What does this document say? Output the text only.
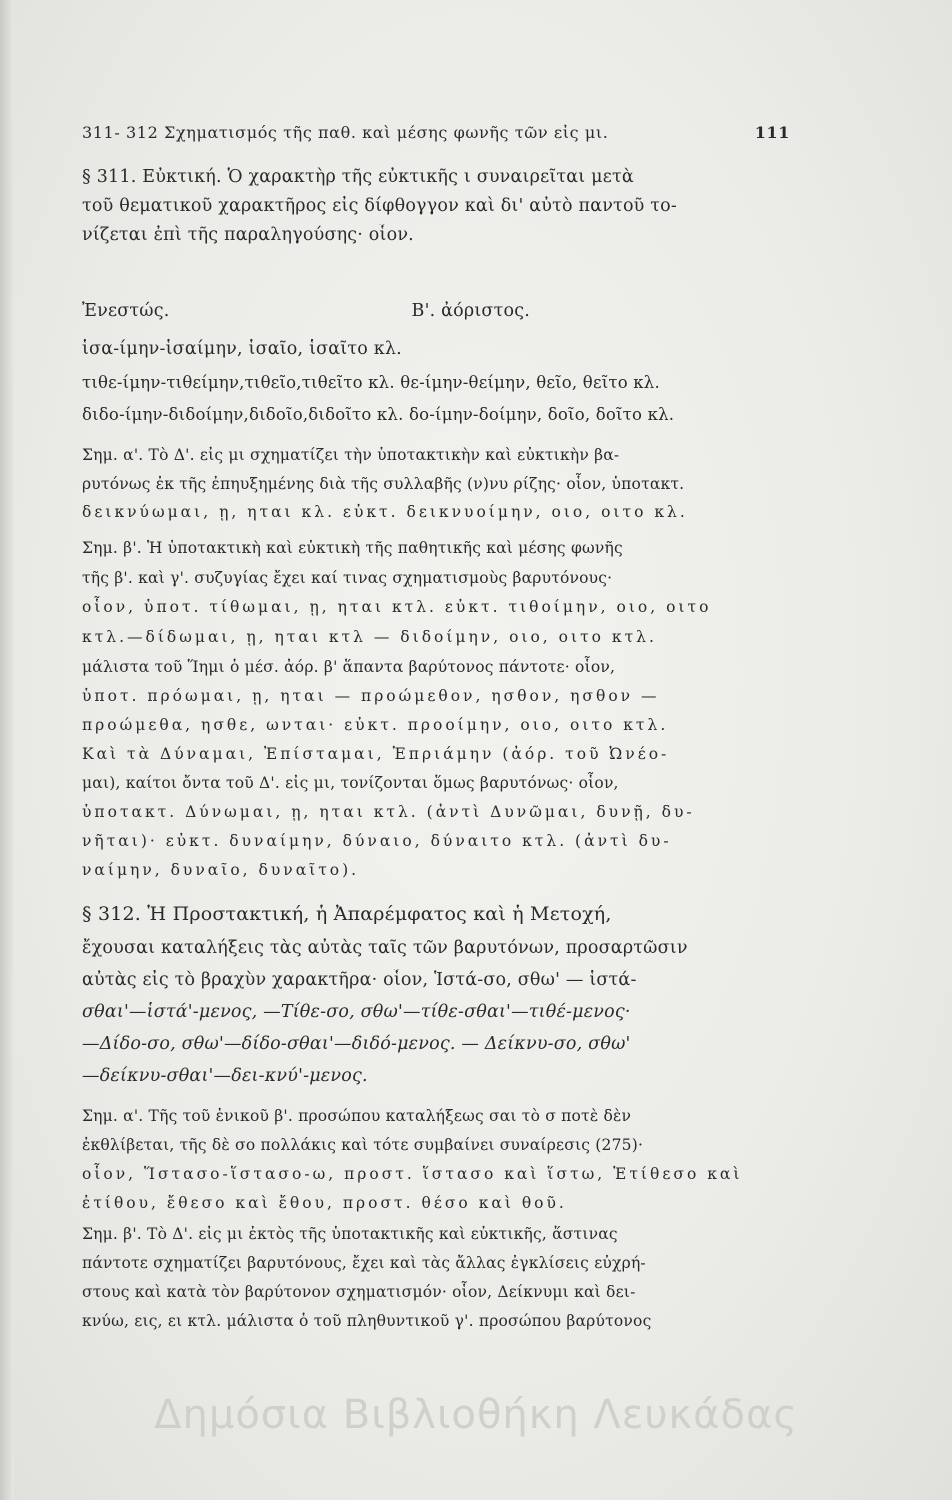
311- 312 Σχηματισμός τῆς παθ. καὶ μέσης φωνῆς τῶν εἰς μι.	111
§ 311. Εὐκτική. Ὁ χαρακτὴρ τῆς εὐκτικῆς ι συναιρεῖται μετὰ
τοῦ θεματικοῦ χαρακτῆρος εἰς δίφθογγον καὶ δι' αὐτὸ παντοῦ το-
νίζεται ἐπὶ τῆς παραληγούσης· οἷον.
Ἐνεστώς.                                          Β'. ἀόριστος.
ἱσα-ίμην-ἱσαίμην, ἱσαῖο, ἱσαῖτο κλ.
τιθε-ίμην-τιθείμην,τιθεῖο,τιθεῖτο κλ. θε-ίμην-θείμην, θεῖο, θεῖτο κλ.
διδο-ίμην-διδοίμην,διδοῖο,διδοῖτο κλ. δο-ίμην-δοίμην, δοῖο, δοῖτο κλ.
Σημ. α'. Τὸ Δ'. εἰς μι σχηματίζει τὴν ὑποτακτικὴν καὶ εὐκτικὴν βα-
ρυτόνως ἐκ τῆς ἐπηυξημένης διὰ τῆς συλλαβῆς (ν)νυ ρίζης· οἷον, ὑποτακτ.
δεικνύωμαι, ῃ, ηται κλ. εὐκτ. δεικνυοίμην, οιο, οιτο κλ.
Σημ. β'. Ἡ ὑποτακτικὴ καὶ εὐκτικὴ τῆς παθητικῆς καὶ μέσης φωνῆς
τῆς β'. καὶ γ'. συζυγίας ἔχει καί τινας σχηματισμοὺς βαρυτόνους·
οἷον, ὑποτ. τίθωμαι, ῃ, ηται κτλ. εὐκτ. τιθοίμην, οιο, οιτο
κτλ.—δίδωμαι, ῃ, ηται κτλ — διδοίμην, οιο, οιτο κτλ.
μάλιστα τοῦ Ἵημι ὁ μέσ. ἀόρ. β' ἅπαντα βαρύτονος πάντοτε· οἷον,
ὑποτ. πρόωμαι, ῃ, ηται — προώμεθον, ησθον, ησθον —
προώμεθα, ησθε, ωνται· εὐκτ. προοίμην, οιο, οιτο κτλ.
Καὶ τὰ Δύναμαι, Ἐπίσταμαι, Ἐπριάμην (ἀόρ. τοῦ Ὠνέο-
μαι), καίτοι ὄντα τοῦ Δ'. εἰς μι, τονίζονται ὅμως βαρυτόνως· οἷον,
ὑποτακτ. Δύνωμαι, ῃ, ηται κτλ. (ἀντὶ Δυνῶμαι, δυνῇ, δυ-
νῆται)· εὐκτ. δυναίμην, δύναιο, δύναιτο κτλ. (ἀντὶ δυ-
ναίμην, δυναῖο, δυναῖτο).
§ 312. Ἡ Προστακτική, ἡ Ἀπαρέμφατος καὶ ἡ Μετοχή,
ἔχουσαι καταλήξεις τὰς αὐτὰς ταῖς τῶν βαρυτόνων, προσαρτῶσιν
αὐτὰς εἰς τὸ βραχὺν χαρακτῆρα· οἷον, Ἱστά-σο, σθω' — ἱστά-
σθαι'—ἱστά'-μενος, —Τίθε-σο, σθω'—τίθε-σθαι'—τιθέ-μενος·
—Δίδο-σο, σθω'—δίδο-σθαι'—διδό-μενος. — Δείκνυ-σο, σθω'
—δείκνυ-σθαι'—δει-κνύ'-μενος.
Σημ. α'. Τῆς τοῦ ἑνικοῦ β'. προσώπου καταλήξεως σαι τὸ σ ποτὲ δὲν
ἐκθλίβεται, τῆς δὲ σο πολλάκις καὶ τότε συμβαίνει συναίρεσις (275)·
οἷον, Ἵστασο-ἵστασο-ω, προστ. ἵστασο καὶ ἵστω, Ἐτίθεσο καὶ
ἐτίθου, ἔθεσο καὶ ἔθου, προστ. θέσο καὶ θοῦ.
Σημ. β'. Τὸ Δ'. εἰς μι ἐκτὸς τῆς ὑποτακτικῆς καὶ εὐκτικῆς, ἅστινας
πάντοτε σχηματίζει βαρυτόνους, ἔχει καὶ τὰς ἄλλας ἐγκλίσεις εὐχρή-
στους καὶ κατὰ τὸν βαρύτονον σχηματισμόν· οἷον, Δείκνυμι καὶ δει-
κνύω, εις, ει κτλ. μάλιστα ὁ τοῦ πληθυντικοῦ γ'. προσώπου βαρύτονος
Δημόσια Βιβλιοθήκη Λευκάδας
